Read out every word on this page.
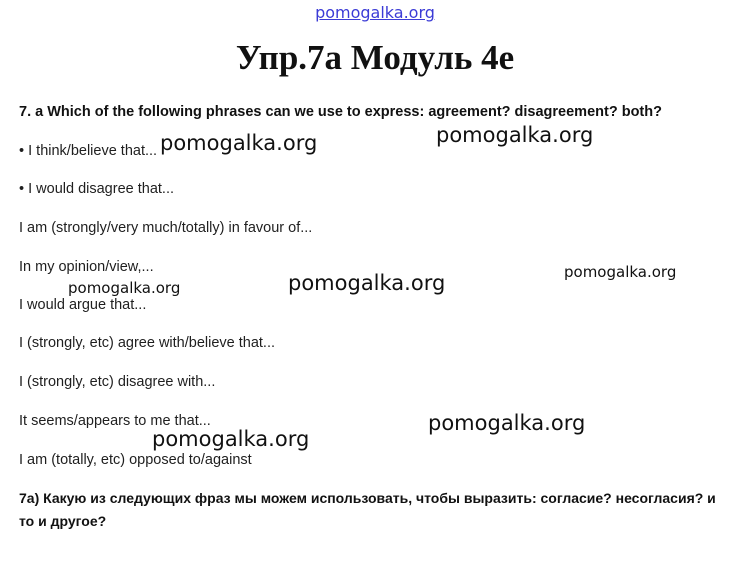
pomogalka.org
Упр.7а Модуль 4е
7. a Which of the following phrases can we use to express: agreement? disagreement? both?
• I think/believe that...
• I would disagree that...
I am (strongly/very much/totally) in favour of...
In my opinion/view,...
I would argue that...
I (strongly, etc) agree with/believe that...
I (strongly, etc) disagree with...
It seems/appears to me that...
I am (totally, etc) opposed to/against
7а) Какую из следующих фраз мы можем использовать, чтобы выразить: согласие? несогласия? и то и другое?
pomogalka.org	pomogalka.org
pomogalka.org	pomogalka.org
pomogalka.org
pomogalka.org
pomogalka.org
